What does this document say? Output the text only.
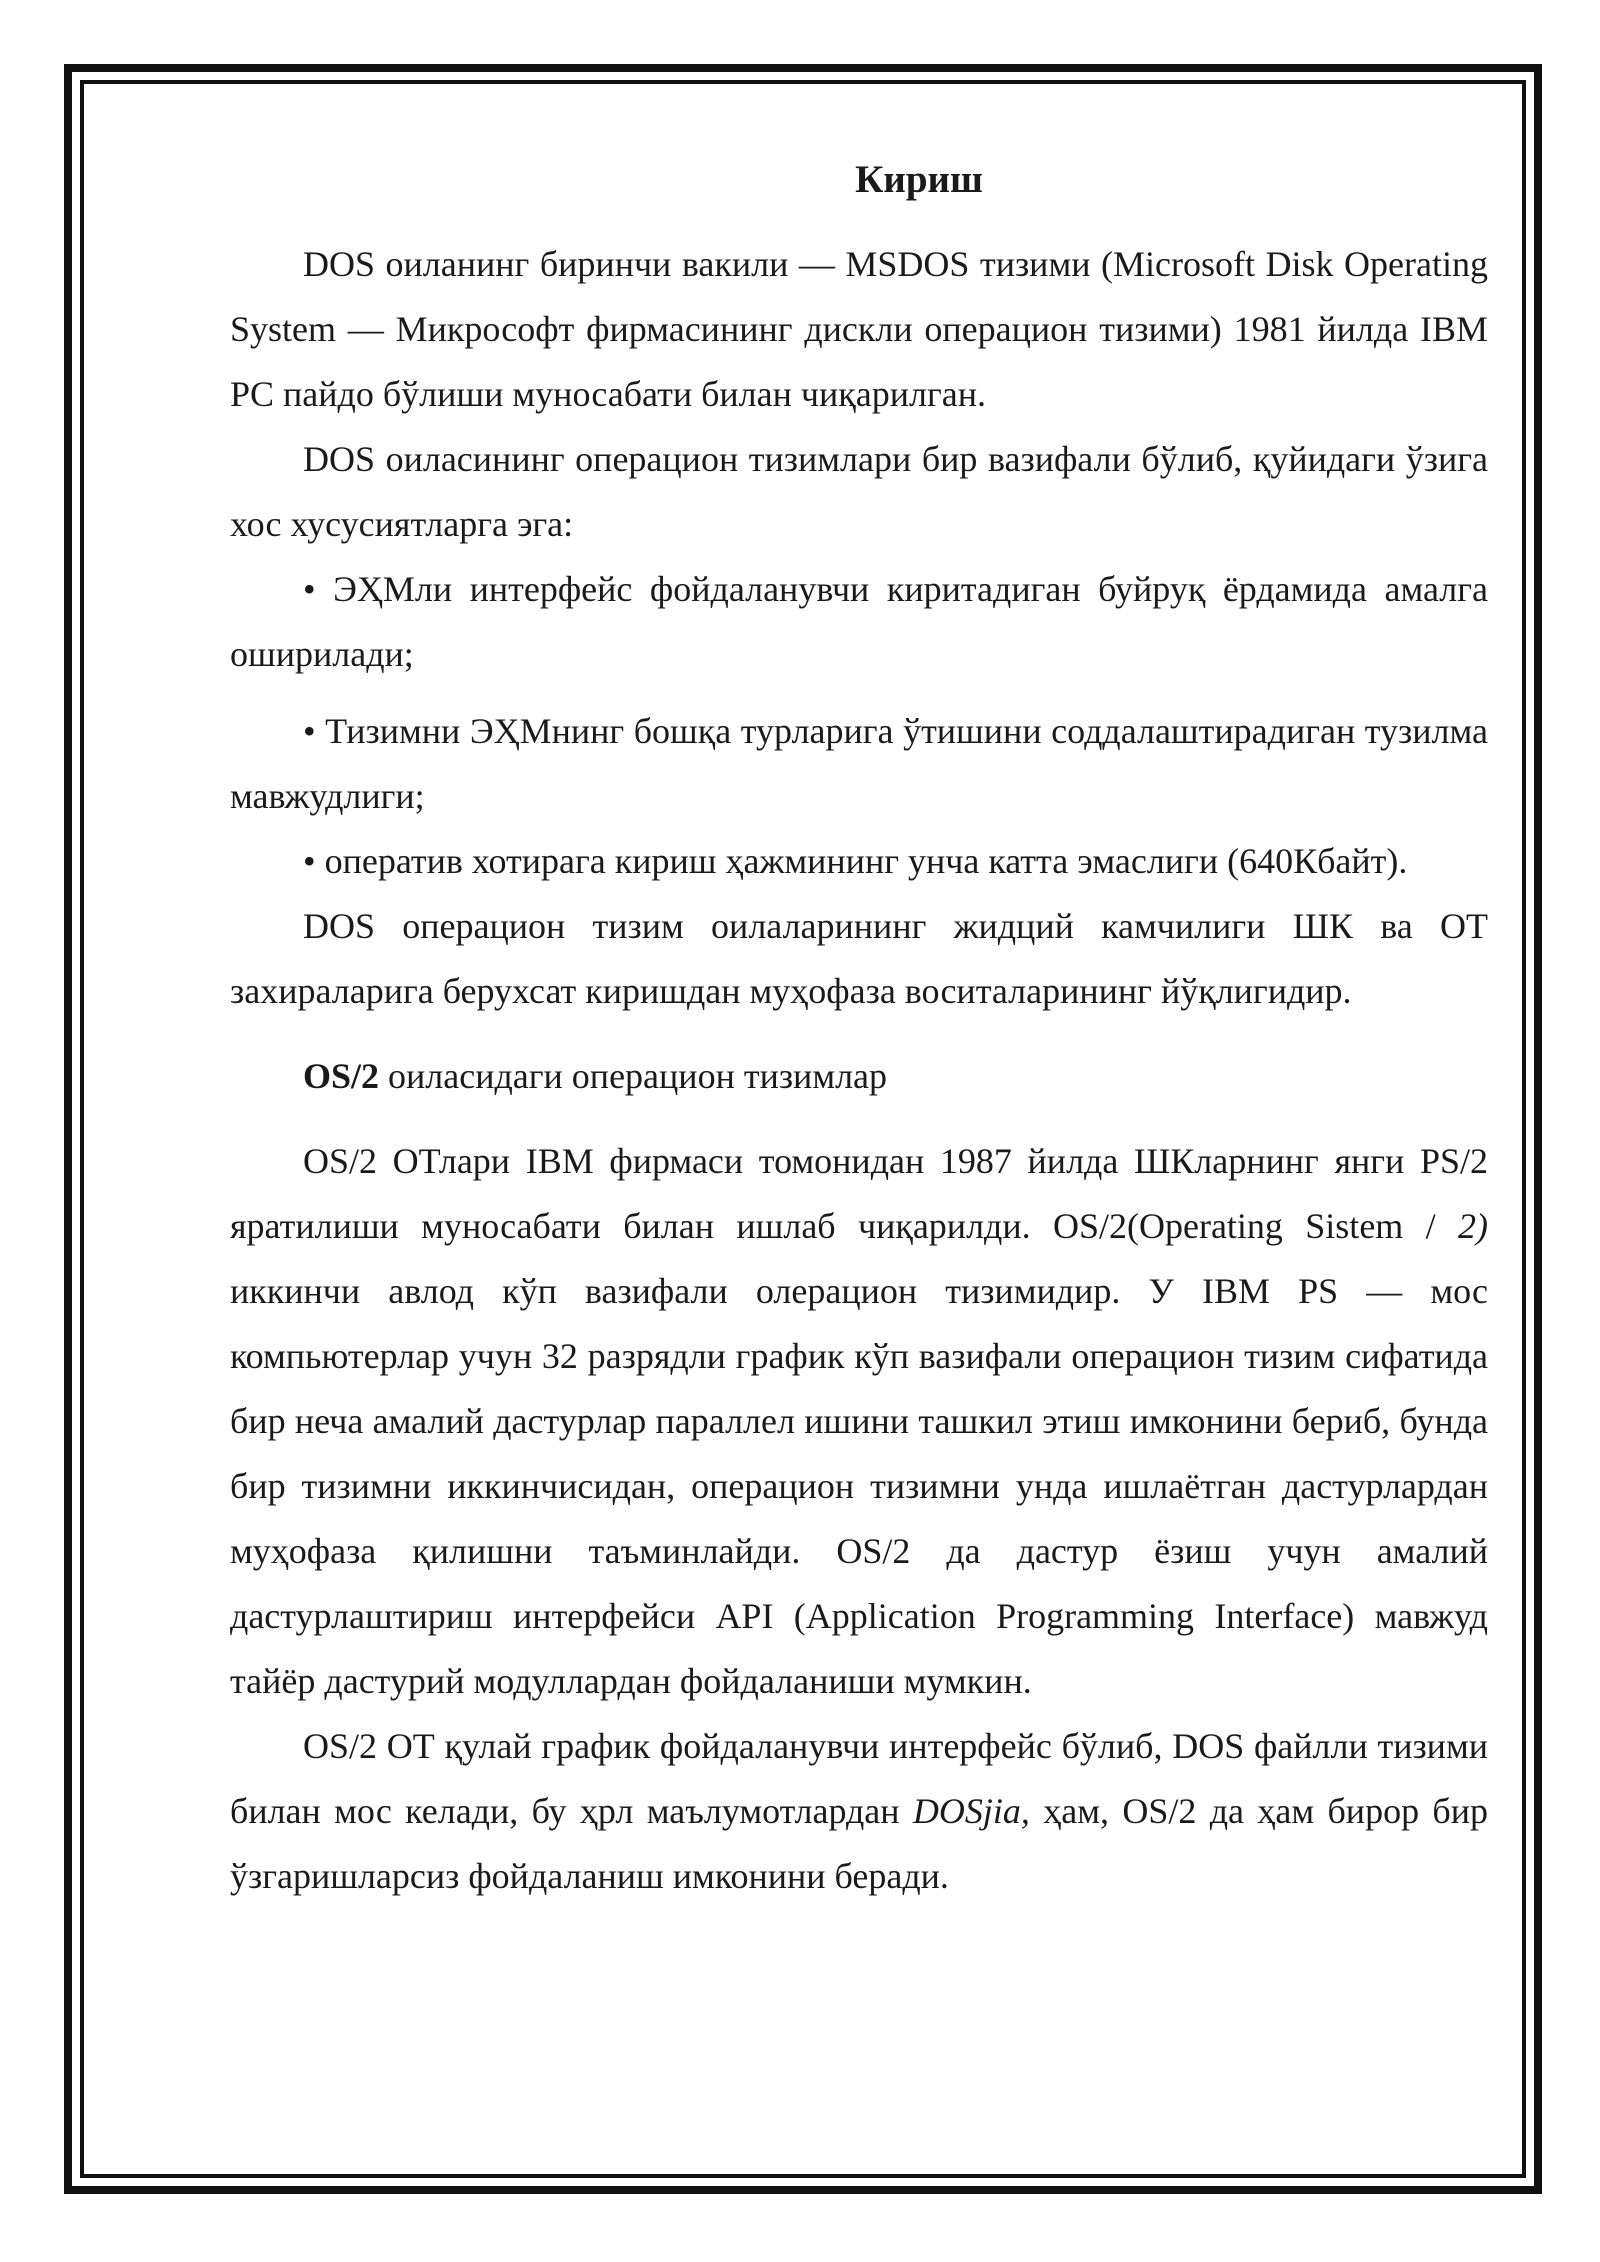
Кириш

DOS оиланинг биринчи вакили — MSDOS тизими (Microsoft Disk Operating System — Микрософт фирмасининг дискли операцион тизими) 1981 йилда IBM PC пайдо бўлиши муносабати билан чиқарилган.

DOS оиласининг операцион тизимлари бир вазифали бўлиб, қуйидаги ўзига хос хусусиятларга эга:

• ЭҲМли интерфейс фойдаланувчи киритадиган буйруқ ёрдамида амалга оширилади;

• Тизимни ЭҲМнинг бошқа турларига ўтишини соддалаштирадиган тузилма мавжудлиги;

• оператив хотирага кириш ҳажмининг унча катта эмаслиги (640Кбайт).

DOS операцион тизим оилаларининг жидций камчилиги ШК ва ОТ захираларига берухсат киришдан муҳофаза воситаларининг йўқлигидир.

OS/2 оиласидаги операцион тизимлар

OS/2 ОТлари IBM фирмаси томонидан 1987 йилда ШКларнинг янги PS/2 яратилиши муносабати билан ишлаб чиқарилди. OS/2(Operating Sistem / 2) иккинчи авлод кўп вазифали олерацион тизимидир. У IBM PS — мос компьютерлар учун 32 разрядли график кўп вазифали операцион тизим сифатида бир неча амалий дастурлар параллел ишини ташкил этиш имконини бериб, бунда бир тизимни иккинчисидан, операцион тизимни унда ишлаётган дастурлардан муҳофаза қилишни таъминлайди. OS/2 да дастур ёзиш учун амалий дастурлаштириш интерфейси API (Application Programming Interface) мавжуд тайёр дастурий модуллардан фойдаланиши мумкин.

OS/2 ОТ қулай график фойдаланувчи интерфейс бўлиб, DOS файлли тизими билан мос келади, бу ҳрл маълумотлардан DOSjia, ҳам, OS/2 да ҳам бирор бир ўзгаришларсиз фойдаланиш имконини беради.
